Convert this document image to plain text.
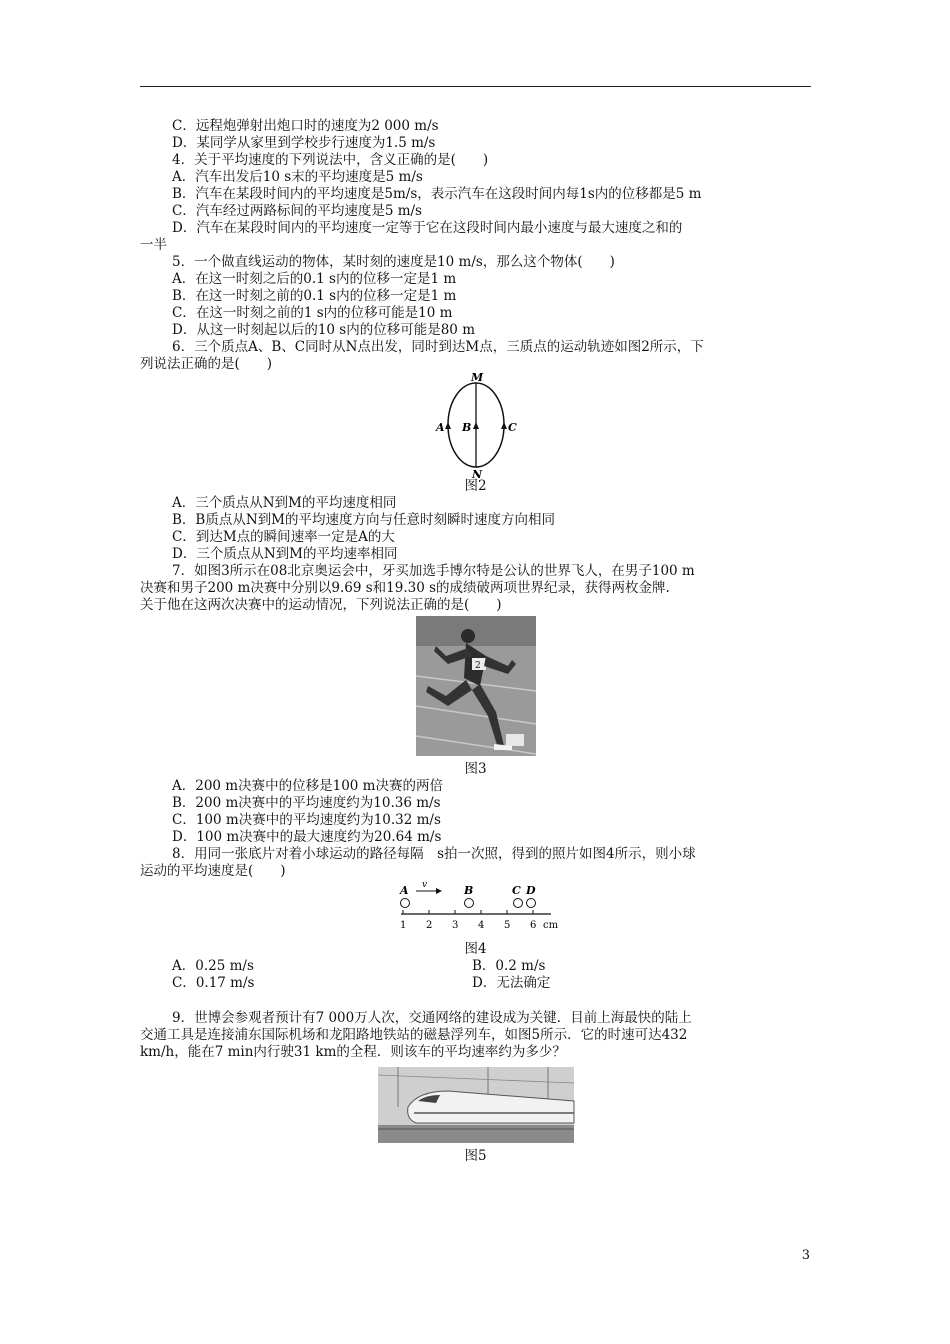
C．远程炮弹射出炮口时的速度为2 000 m/s
D．某同学从家里到学校步行速度为1.5 m/s
4．关于平均速度的下列说法中，含义正确的是(　　)
A．汽车出发后10 s末的平均速度是5 m/s
B．汽车在某段时间内的平均速度是5m/s，表示汽车在这段时间内每1s内的位移都是5 m
C．汽车经过两路标间的平均速度是5 m/s
D．汽车在某段时间内的平均速度一定等于它在这段时间内最小速度与最大速度之和的
一半
5．一个做直线运动的物体，某时刻的速度是10 m/s，那么这个物体(　　)
A．在这一时刻之后的0.1 s内的位移一定是1 m
B．在这一时刻之前的0.1 s内的位移一定是1 m
C．在这一时刻之前的1 s内的位移可能是10 m
D．从这一时刻起以后的10 s内的位移可能是80 m
6．三个质点A、B、C同时从N点出发，同时到达M点，三质点的运动轨迹如图2所示，下
列说法正确的是(　　)
M
N
A B	C
图2
A．三个质点从N到M的平均速度相同
B．B质点从N到M的平均速度方向与任意时刻瞬时速度方向相同
C．到达M点的瞬间速率一定是A的大
D．三个质点从N到M的平均速率相同
7．如图3所示在08北京奥运会中，牙买加选手博尔特是公认的世界飞人，在男子100 m
决赛和男子200 m决赛中分别以9.69 s和19.30 s的成绩破两项世界纪录，获得两枚金牌.
关于他在这两次决赛中的运动情况，下列说法正确的是(　　)
2
图3
A．200 m决赛中的位移是100 m决赛的两倍
B．200 m决赛中的平均速度约为10.36 m/s
C．100 m决赛中的平均速度约为10.32 m/s
D．100 m决赛中的最大速度约为20.64 m/s
8．用同一张底片对着小球运动的路径每隔　s拍一次照，得到的照片如图4所示，则小球
运动的平均速度是(　　)
A	B	C D
v
1 2 3 4 5 6 cm
图4
A．0.25 m/s	B．0.2 m/s
C．0.17 m/s	D．无法确定
9．世博会参观者预计有7 000万人次，交通网络的建设成为关键．目前上海最快的陆上
交通工具是连接浦东国际机场和龙阳路地铁站的磁悬浮列车，如图5所示．它的时速可达432
km/h，能在7 min内行驶31 km的全程．则该车的平均速率约为多少？
图5
3
